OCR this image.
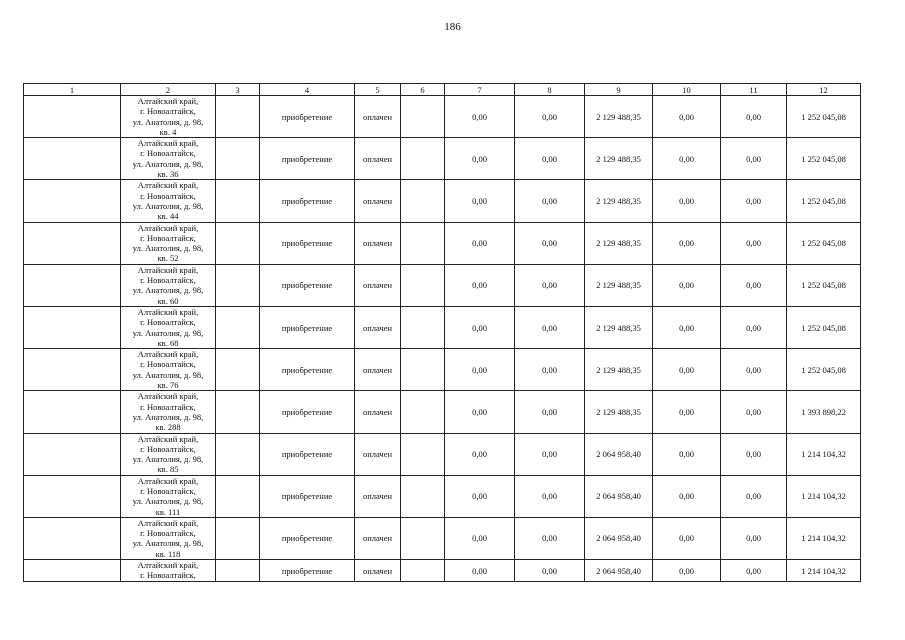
186
1	2	3	4	5	6	7	8	9	10	11	12

	Алтайский край,
г. Новоалтайск,
ул. Анатолия, д. 98,
кв. 4		приобретение	оплачен		0,00	0,00	2 129 488,35	0,00	0,00	1 252 045,08

	Алтайский край,
г. Новоалтайск,
ул. Анатолия, д. 98,
кв. 36		приобретение	оплачен		0,00	0,00	2 129 488,35	0,00	0,00	1 252 045,08

	Алтайский край,
г. Новоалтайск,
ул. Анатолия, д. 98,
кв. 44		приобретение	оплачен		0,00	0,00	2 129 488,35	0,00	0,00	1 252 045,08

	Алтайский край,
г. Новоалтайск,
ул. Анатолия, д. 98,
кв. 52		приобретение	оплачен		0,00	0,00	2 129 488,35	0,00	0,00	1 252 045,08

	Алтайский край,
г. Новоалтайск,
ул. Анатолия, д. 98,
кв. 60		приобретение	оплачен		0,00	0,00	2 129 488,35	0,00	0,00	1 252 045,08

	Алтайский край,
г. Новоалтайск,
ул. Анатолия, д. 98,
кв. 68		приобретение	оплачен		0,00	0,00	2 129 488,35	0,00	0,00	1 252 045,08

	Алтайский край,
г. Новоалтайск,
ул. Анатолия, д. 98,
кв. 76		приобретение	оплачен		0,00	0,00	2 129 488,35	0,00	0,00	1 252 045,08

	Алтайский край,
г. Новоалтайск,
ул. Анатолия, д. 98,
кв. 288		приобретение	оплачен		0,00	0,00	2 129 488,35	0,00	0,00	1 393 898,22

	Алтайский край,
г. Новоалтайск,
ул. Анатолия, д. 98,
кв. 85		приобретение	оплачен		0,00	0,00	2 064 958,40	0,00	0,00	1 214 104,32

	Алтайский край,
г. Новоалтайск,
ул. Анатолия, д. 98,
кв. 111		приобретение	оплачен		0,00	0,00	2 064 958,40	0,00	0,00	1 214 104,32

	Алтайский край,
г. Новоалтайск,
ул. Анатолия, д. 98,
кв. 118		приобретение	оплачен		0,00	0,00	2 064 958,40	0,00	0,00	1 214 104,32

	Алтайский край,
г. Новоалтайск,		приобретение	оплачен		0,00	0,00	2 064 958,40	0,00	0,00	1 214 104,32
